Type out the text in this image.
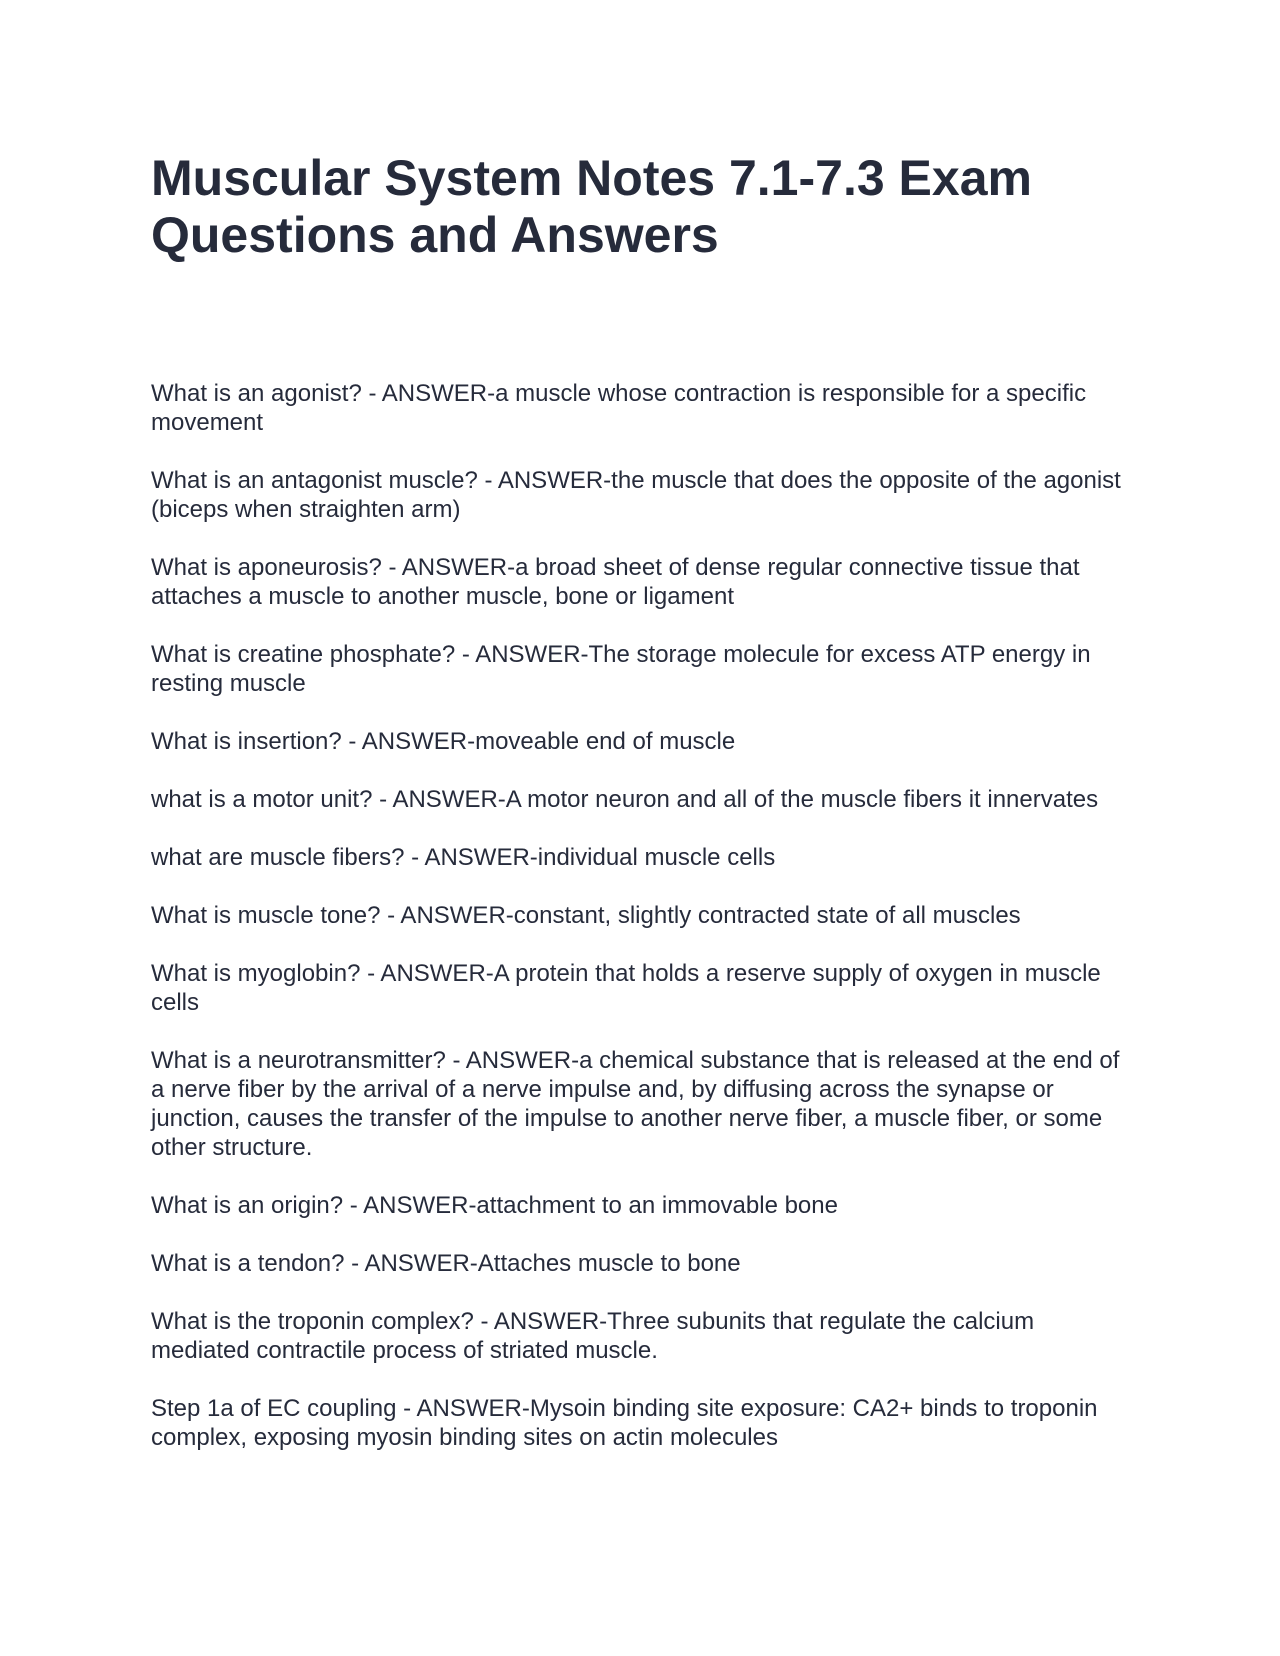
Muscular System Notes 7.1-7.3 Exam
Questions and Answers
What is an agonist? - ANSWER-a muscle whose contraction is responsible for a specific movement
What is an antagonist muscle? - ANSWER-the muscle that does the opposite of the agonist (biceps when straighten arm)
What is aponeurosis? - ANSWER-a broad sheet of dense regular connective tissue that attaches a muscle to another muscle, bone or ligament
What is creatine phosphate? - ANSWER-The storage molecule for excess ATP energy in resting muscle
What is insertion? - ANSWER-moveable end of muscle
what is a motor unit? - ANSWER-A motor neuron and all of the muscle fibers it innervates
what are muscle fibers? - ANSWER-individual muscle cells
What is muscle tone? - ANSWER-constant, slightly contracted state of all muscles
What is myoglobin? - ANSWER-A protein that holds a reserve supply of oxygen in muscle cells
What is a neurotransmitter? - ANSWER-a chemical substance that is released at the end of a nerve fiber by the arrival of a nerve impulse and, by diffusing across the synapse or junction, causes the transfer of the impulse to another nerve fiber, a muscle fiber, or some other structure.
What is an origin? - ANSWER-attachment to an immovable bone
What is a tendon? - ANSWER-Attaches muscle to bone
What is the troponin complex? - ANSWER-Three subunits that regulate the calcium mediated contractile process of striated muscle.
Step 1a of EC coupling - ANSWER-Mysoin binding site exposure: CA2+ binds to troponin complex, exposing myosin binding sites on actin molecules
